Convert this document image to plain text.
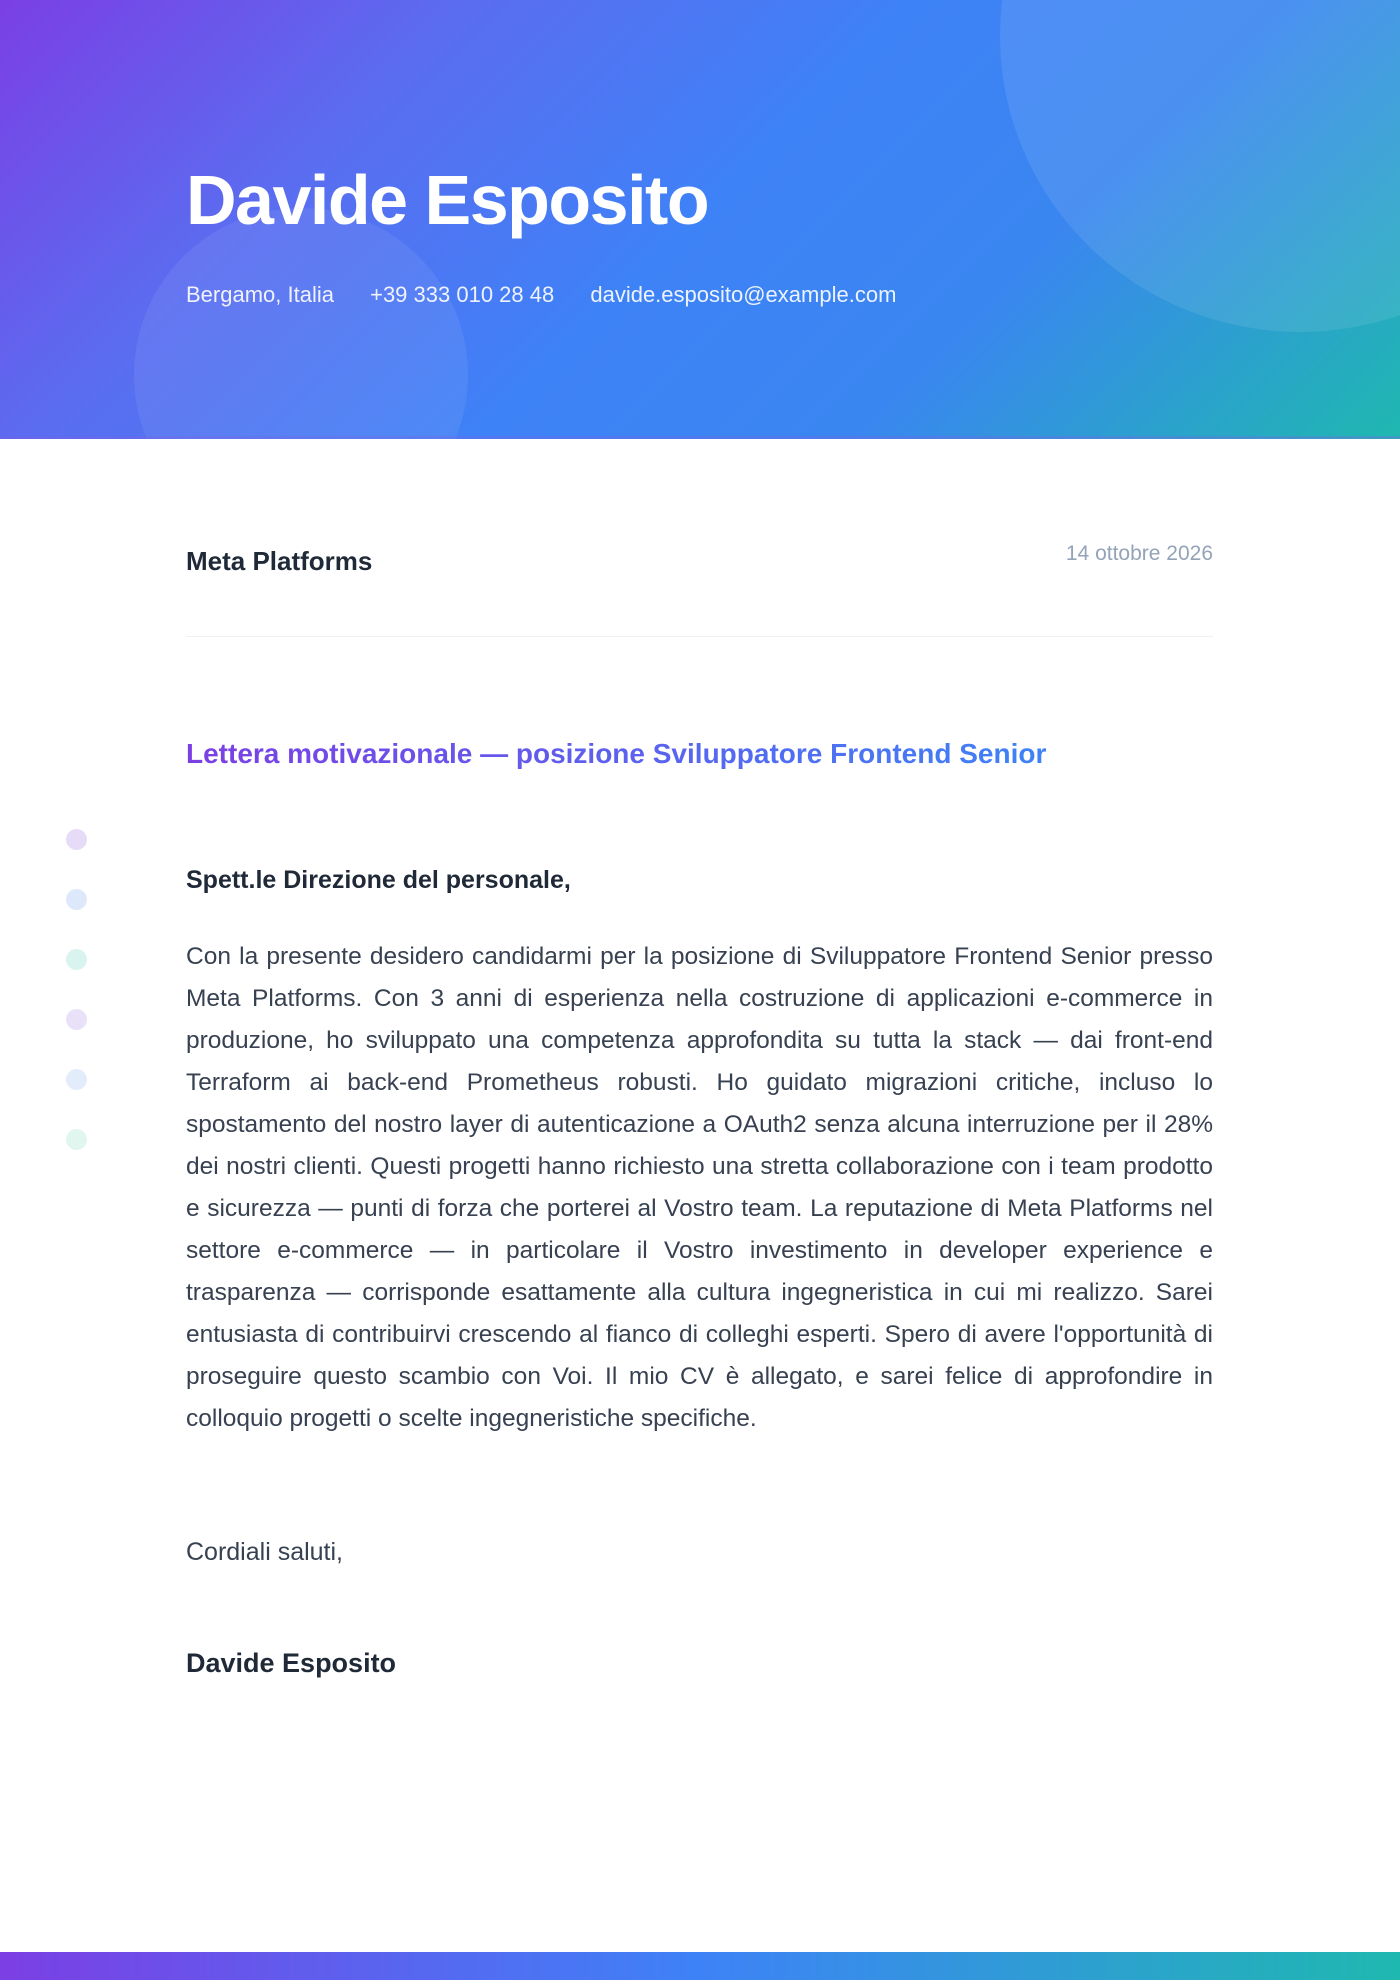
Davide Esposito
Bergamo, Italia +39 333 010 28 48 davide.esposito@example.com
Meta Platforms	14 ottobre 2026
Lettera motivazionale — posizione Sviluppatore Frontend Senior
Spett.le Direzione del personale,

Con la presente desidero candidarmi per la posizione di Sviluppatore Frontend Senior presso Meta Platforms. Con 3 anni di esperienza nella costruzione di applicazioni e-commerce in produzione, ho sviluppato una competenza approfondita su tutta la stack — dai front-end Terraform ai back-end Prometheus robusti. Ho guidato migrazioni critiche, incluso lo spostamento del nostro layer di autenticazione a OAuth2 senza alcuna interruzione per il 28% dei nostri clienti. Questi progetti hanno richiesto una stretta collaborazione con i team prodotto e sicurezza — punti di forza che porterei al Vostro team. La reputazione di Meta Platforms nel settore e-commerce — in particolare il Vostro investimento in developer experience e trasparenza — corrisponde esattamente alla cultura ingegneristica in cui mi realizzo. Sarei entusiasta di contribuirvi crescendo al fianco di colleghi esperti. Spero di avere l'opportunità di proseguire questo scambio con Voi. Il mio CV è allegato, e sarei felice di approfondire in colloquio progetti o scelte ingegneristiche specifiche.

Cordiali saluti,
Davide Esposito
